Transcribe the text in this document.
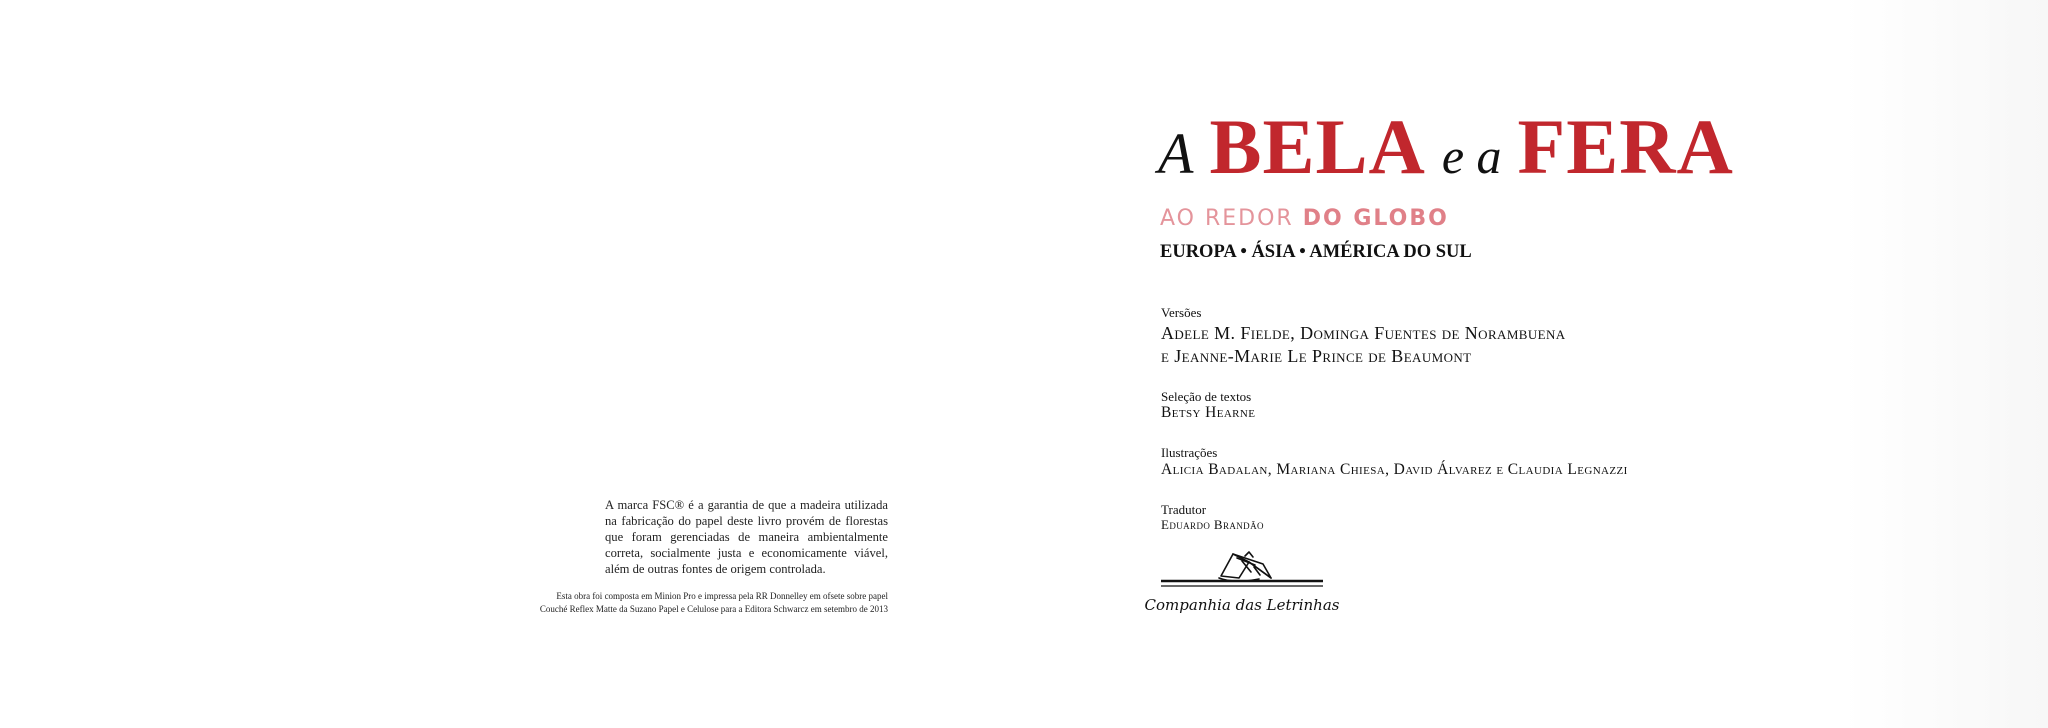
A marca FSC® é a garantia de que a madeira utilizada
na fabricação do papel deste livro provém de florestas
que foram gerenciadas de maneira ambientalmente
correta, socialmente justa e economicamente viável,
além de outras fontes de origem controlada.

Esta obra foi composta em Minion Pro e impressa pela RR Donnelley em ofsete sobre papel
Couché Reflex Matte da Suzano Papel e Celulose para a Editora Schwarcz em setembro de 2013

A BELA e a FERA

AO REDOR DO GLOBO

EUROPA • ÁSIA • AMÉRICA DO SUL

Versões

Adele M. Fielde, Dominga Fuentes de Norambuena

e Jeanne-Marie Le Prince de Beaumont

Seleção de textos

Betsy Hearne

Ilustrações

Alicia Badalan, Mariana Chiesa, David Álvarez e Claudia Legnazzi

Tradutor

Eduardo Brandão

Companhia das Letrinhas
